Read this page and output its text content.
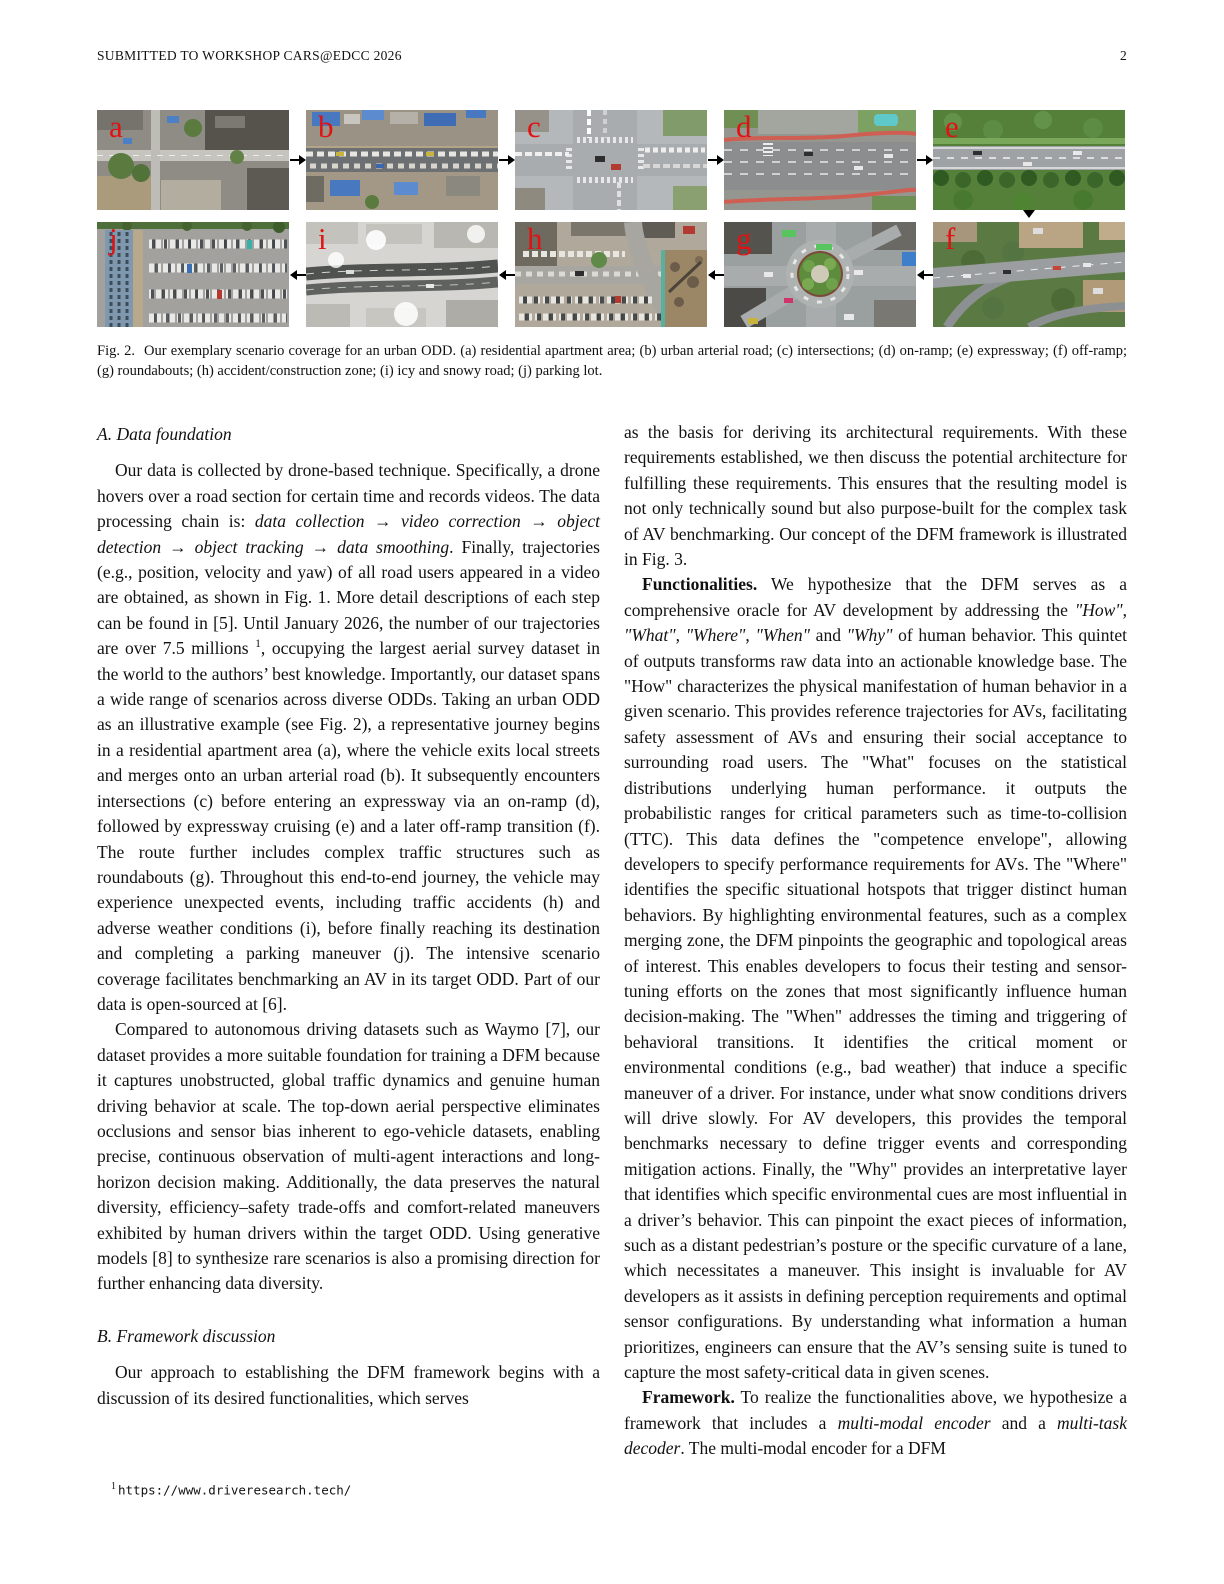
SUBMITTED TO WORKSHOP CARS@EDCC 2026	2
a	b	c	d	e
j	i	h	g	f
Fig. 2. Our exemplary scenario coverage for an urban ODD. (a) residential apartment area; (b) urban arterial road; (c) intersections; (d) on-ramp; (e) expressway; (f) off-ramp; (g) roundabouts; (h) accident/construction zone; (i) icy and snowy road; (j) parking lot.
A. Data foundation

Our data is collected by drone-based technique. Specifically, a drone hovers over a road section for certain time and records videos. The data processing chain is: data collection → video correction → object detection → object tracking → data smoothing. Finally, trajectories (e.g., position, velocity and yaw) of all road users appeared in a video are obtained, as shown in Fig. 1. More detail descriptions of each step can be found in [5]. Until January 2026, the number of our trajectories are over 7.5 millions $^1$, occupying the largest aerial survey dataset in the world to the authors’ best knowledge. Importantly, our dataset spans a wide range of scenarios across diverse ODDs. Taking an urban ODD as an illustrative example (see Fig. 2), a representative journey begins in a residential apartment area (a), where the vehicle exits local streets and merges onto an urban arterial road (b). It subsequently encounters intersections (c) before entering an expressway via an on-ramp (d), followed by expressway cruising (e) and a later off-ramp transition (f). The route further includes complex traffic structures such as roundabouts (g). Throughout this end-to-end journey, the vehicle may experience unexpected events, including traffic accidents (h) and adverse weather conditions (i), before finally reaching its destination and completing a parking maneuver (j). The intensive scenario coverage facilitates benchmarking an AV in its target ODD. Part of our data is open-sourced at [6].

Compared to autonomous driving datasets such as Waymo [7], our dataset provides a more suitable foundation for training a DFM because it captures unobstructed, global traffic dynamics and genuine human driving behavior at scale. The top-down aerial perspective eliminates occlusions and sensor bias inherent to ego-vehicle datasets, enabling precise, continuous observation of multi-agent interactions and long-horizon decision making. Additionally, the data preserves the natural diversity, efficiency–safety trade-offs and comfort-related maneuvers exhibited by human drivers within the target ODD. Using generative models [8] to synthesize rare scenarios is also a promising direction for further enhancing data diversity.

B. Framework discussion

Our approach to establishing the DFM framework begins with a discussion of its desired functionalities, which serves

as the basis for deriving its architectural requirements. With these requirements established, we then discuss the potential architecture for fulfilling these requirements. This ensures that the resulting model is not only technically sound but also purpose-built for the complex task of AV benchmarking. Our concept of the DFM framework is illustrated in Fig. 3.

Functionalities. We hypothesize that the DFM serves as a comprehensive oracle for AV development by addressing the "How", "What", "Where", "When" and "Why" of human behavior. This quintet of outputs transforms raw data into an actionable knowledge base. The "How" characterizes the physical manifestation of human behavior in a given scenario. This provides reference trajectories for AVs, facilitating safety assessment of AVs and ensuring their social acceptance to surrounding road users. The "What" focuses on the statistical distributions underlying human performance. it outputs the probabilistic ranges for critical parameters such as time-to-collision (TTC). This data defines the "competence envelope", allowing developers to specify performance requirements for AVs. The "Where" identifies the specific situational hotspots that trigger distinct human behaviors. By highlighting environmental features, such as a complex merging zone, the DFM pinpoints the geographic and topological areas of interest. This enables developers to focus their testing and sensor-tuning efforts on the zones that most significantly influence human decision-making. The "When" addresses the timing and triggering of behavioral transitions. It identifies the critical moment or environmental conditions (e.g., bad weather) that induce a specific maneuver of a driver. For instance, under what snow conditions drivers will drive slowly. For AV developers, this provides the temporal benchmarks necessary to define trigger events and corresponding mitigation actions. Finally, the "Why" provides an interpretative layer that identifies which specific environmental cues are most influential in a driver’s behavior. This can pinpoint the exact pieces of information, such as a distant pedestrian’s posture or the specific curvature of a lane, which necessitates a maneuver. This insight is invaluable for AV developers as it assists in defining perception requirements and optimal sensor configurations. By understanding what information a human prioritizes, engineers can ensure that the AV’s sensing suite is tuned to capture the most safety-critical data in given scenes.

Framework. To realize the functionalities above, we hypothesize a framework that includes a multi-modal encoder and a multi-task decoder. The multi-modal encoder for a DFM

$^1$ https://www.driveresearch.tech/
